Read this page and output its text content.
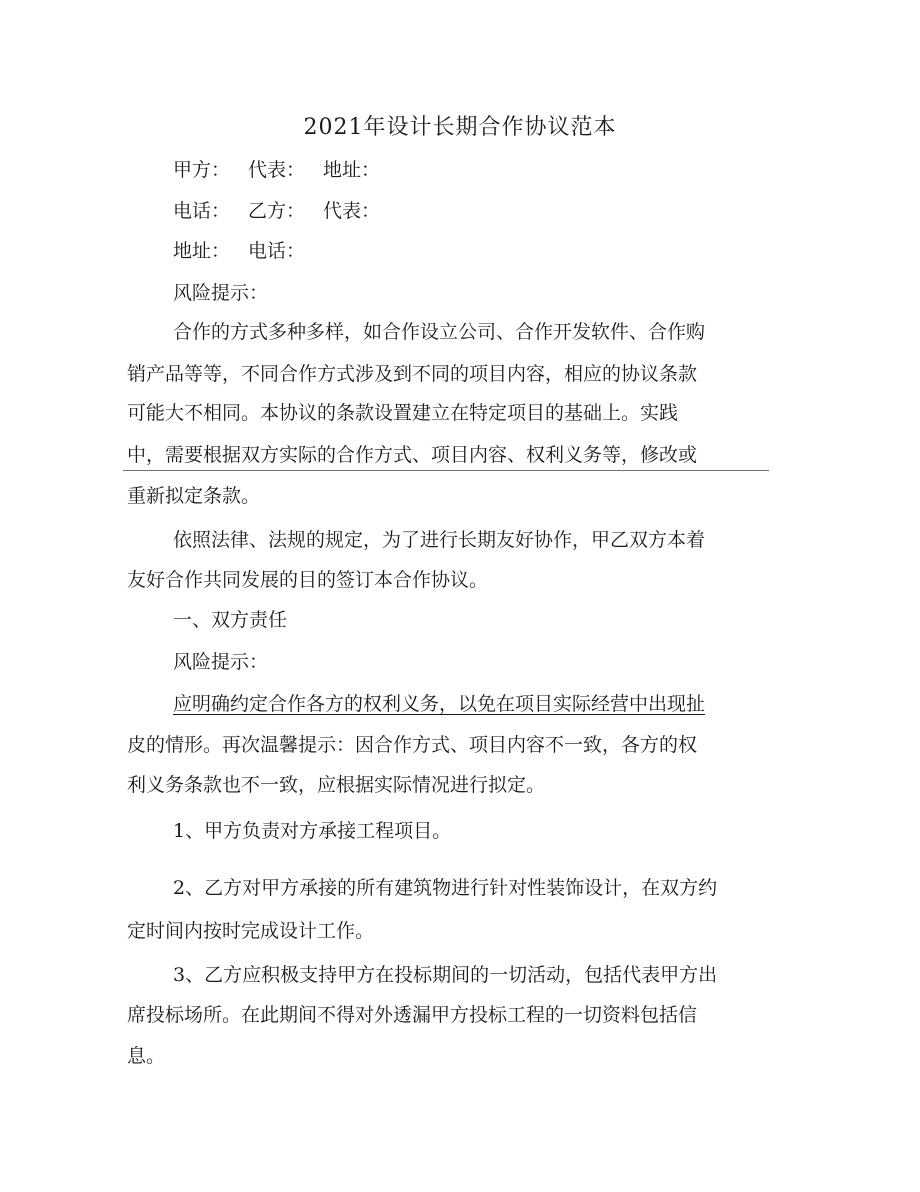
2021年设计长期合作协议范本

甲方： 代表： 地址：

电话： 乙方： 代表：

地址： 电话：

风险提示：

合作的方式多种多样，如合作设立公司、合作开发软件、合作购

销产品等等，不同合作方式涉及到不同的项目内容，相应的协议条款

可能大不相同。本协议的条款设置建立在特定项目的基础上。实践

中，需要根据双方实际的合作方式、项目内容、权利义务等，修改或

重新拟定条款。

依照法律、法规的规定，为了进行长期友好协作，甲乙双方本着

友好合作共同发展的目的签订本合作协议。

一、双方责任

风险提示：

应明确约定合作各方的权利义务，以免在项目实际经营中出现扯

皮的情形。再次温馨提示：因合作方式、项目内容不一致，各方的权

利义务条款也不一致，应根据实际情况进行拟定。

1、甲方负责对方承接工程项目。

2、乙方对甲方承接的所有建筑物进行针对性装饰设计，在双方约

定时间内按时完成设计工作。

3、乙方应积极支持甲方在投标期间的一切活动，包括代表甲方出

席投标场所。在此期间不得对外透漏甲方投标工程的一切资料包括信

息。
